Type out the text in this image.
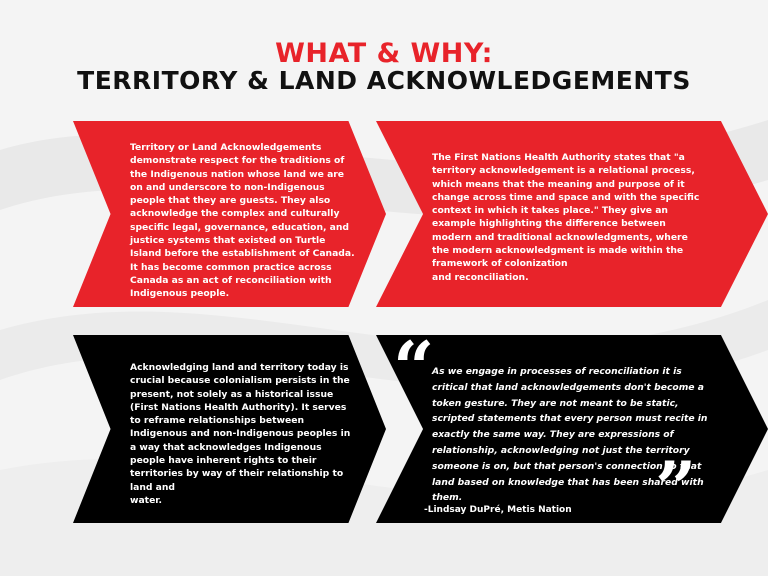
WHAT & WHY:
TERRITORY & LAND ACKNOWLEDGEMENTS

Territory or Land Acknowledgements demonstrate respect for the traditions of the Indigenous nation whose land we are on and underscore to non-Indigenous people that they are guests. They also acknowledge the complex and culturally specific legal, governance, education, and justice systems that existed on Turtle Island before the establishment of Canada. It has become common practice across Canada as an act of reconciliation with Indigenous people.

The First Nations Health Authority states that "a territory acknowledgement is a relational process, which means that the meaning and purpose of it change across time and space and with the specific context in which it takes place." They give an example highlighting the difference between modern and traditional acknowledgments, where the modern acknowledgment is made within the framework of colonization
and reconciliation.

Acknowledging land and territory today is crucial because colonialism persists in the present, not solely as a historical issue (First Nations Health Authority). It serves to reframe relationships between Indigenous and non-Indigenous peoples in a way that acknowledges Indigenous people have inherent rights to their territories by way of their relationship to land and
water.

“

As we engage in processes of reconciliation it is critical that land acknowledgements don't become a token gesture. They are not meant to be static, scripted statements that every person must recite in exactly the same way. They are expressions of relationship, acknowledging not just the territory someone is on, but that person's connection to that land based on knowledge that has been shared with them.	”

-Lindsay DuPré, Metis Nation
